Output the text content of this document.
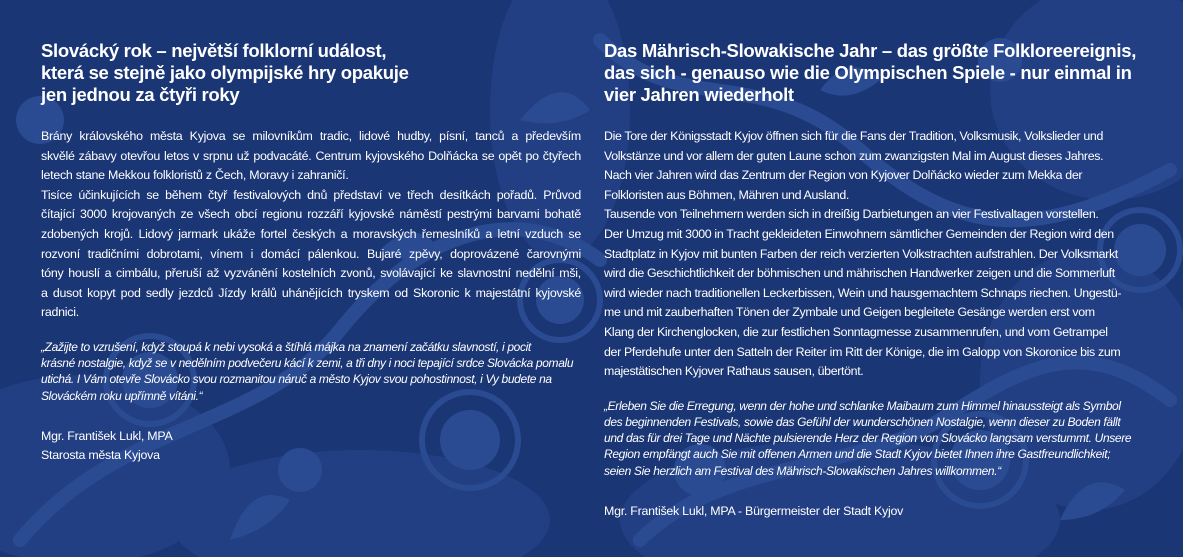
Slovácký rok – největší folklorní událost,
která se stejně jako olympijské hry opakuje
jen jednou za čtyři roky
Brány královského města Kyjova se milovníkům tradic, lidové hudby, písní, tanců a především
skvělé zábavy otevřou letos v srpnu už podvacáté. Centrum kyjovského Dolňácka se opět po čtyřech
letech stane Mekkou folkloristů z Čech, Moravy i zahraničí.
Tisíce účinkujících se během čtyř festivalových dnů představí ve třech desítkách pořadů. Průvod
čítající 3000 krojovaných ze všech obcí regionu rozzáří kyjovské náměstí pestrými barvami bohatě
zdobených krojů. Lidový jarmark ukáže fortel českých a moravských řemeslníků a letní vzduch se
rozvoní tradičními dobrotami, vínem i domácí pálenkou. Bujaré zpěvy, doprovázené čarovnými
tóny houslí a cimbálu, přeruší až vyzvánění kostelních zvonů, svolávající ke slavnostní nedělní mši,
a dusot kopyt pod sedly jezdců Jízdy králů uhánějících tryskem od Skoronic k majestátní kyjovské
radnici.
„Zažijte to vzrušení, když stoupá k nebi vysoká a štíhlá májka na znamení začátku slavností, i pocit
krásné nostalgie, když se v nedělním podvečeru kácí k zemi, a tři dny i noci tepající srdce Slovácka pomalu
utichá. I Vám otevře Slovácko svou rozmanitou náruč a město Kyjov svou pohostinnost, i Vy budete na
Slováckém roku upřímně vítáni.“
Mgr. František Lukl, MPA
Starosta města Kyjova
Das Mährisch-Slowakische Jahr – das größte Folkloreereignis,
das sich - genauso wie die Olympischen Spiele - nur einmal in
vier Jahren wiederholt
Die Tore der Königsstadt Kyjov öffnen sich für die Fans der Tradition, Volksmusik, Volkslieder und
Volkstänze und vor allem der guten Laune schon zum zwanzigsten Mal im August dieses Jahres.
Nach vier Jahren wird das Zentrum der Region von Kyjover Dolňácko wieder zum Mekka der
Folkloristen aus Böhmen, Mähren und Ausland.
Tausende von Teilnehmern werden sich in dreißig Darbietungen an vier Festivaltagen vorstellen.
Der Umzug mit 3000 in Tracht gekleideten Einwohnern sämtlicher Gemeinden der Region wird den
Stadtplatz in Kyjov mit bunten Farben der reich verzierten Volkstrachten aufstrahlen. Der Volksmarkt
wird die Geschichtlichkeit der böhmischen und mährischen Handwerker zeigen und die Sommerluft
wird wieder nach traditionellen Leckerbissen, Wein und hausgemachtem Schnaps riechen. Ungestü-
me und mit zauberhaften Tönen der Zymbale und Geigen begleitete Gesänge werden erst vom
Klang der Kirchenglocken, die zur festlichen Sonntagmesse zusammenrufen, und vom Getrampel
der Pferdehufe unter den Satteln der Reiter im Ritt der Könige, die im Galopp von Skoronice bis zum
majestätischen Kyjover Rathaus sausen, übertönt.
„Erleben Sie die Erregung, wenn der hohe und schlanke Maibaum zum Himmel hinaussteigt als Symbol
des beginnenden Festivals, sowie das Gefühl der wunderschönen Nostalgie, wenn dieser zu Boden fällt
und das für drei Tage und Nächte pulsierende Herz der Region von Slovácko langsam verstummt. Unsere
Region empfängt auch Sie mit offenen Armen und die Stadt Kyjov bietet Ihnen ihre Gastfreundlichkeit;
seien Sie herzlich am Festival des Mährisch-Slowakischen Jahres willkommen.“
Mgr. František Lukl, MPA - Bürgermeister der Stadt Kyjov
